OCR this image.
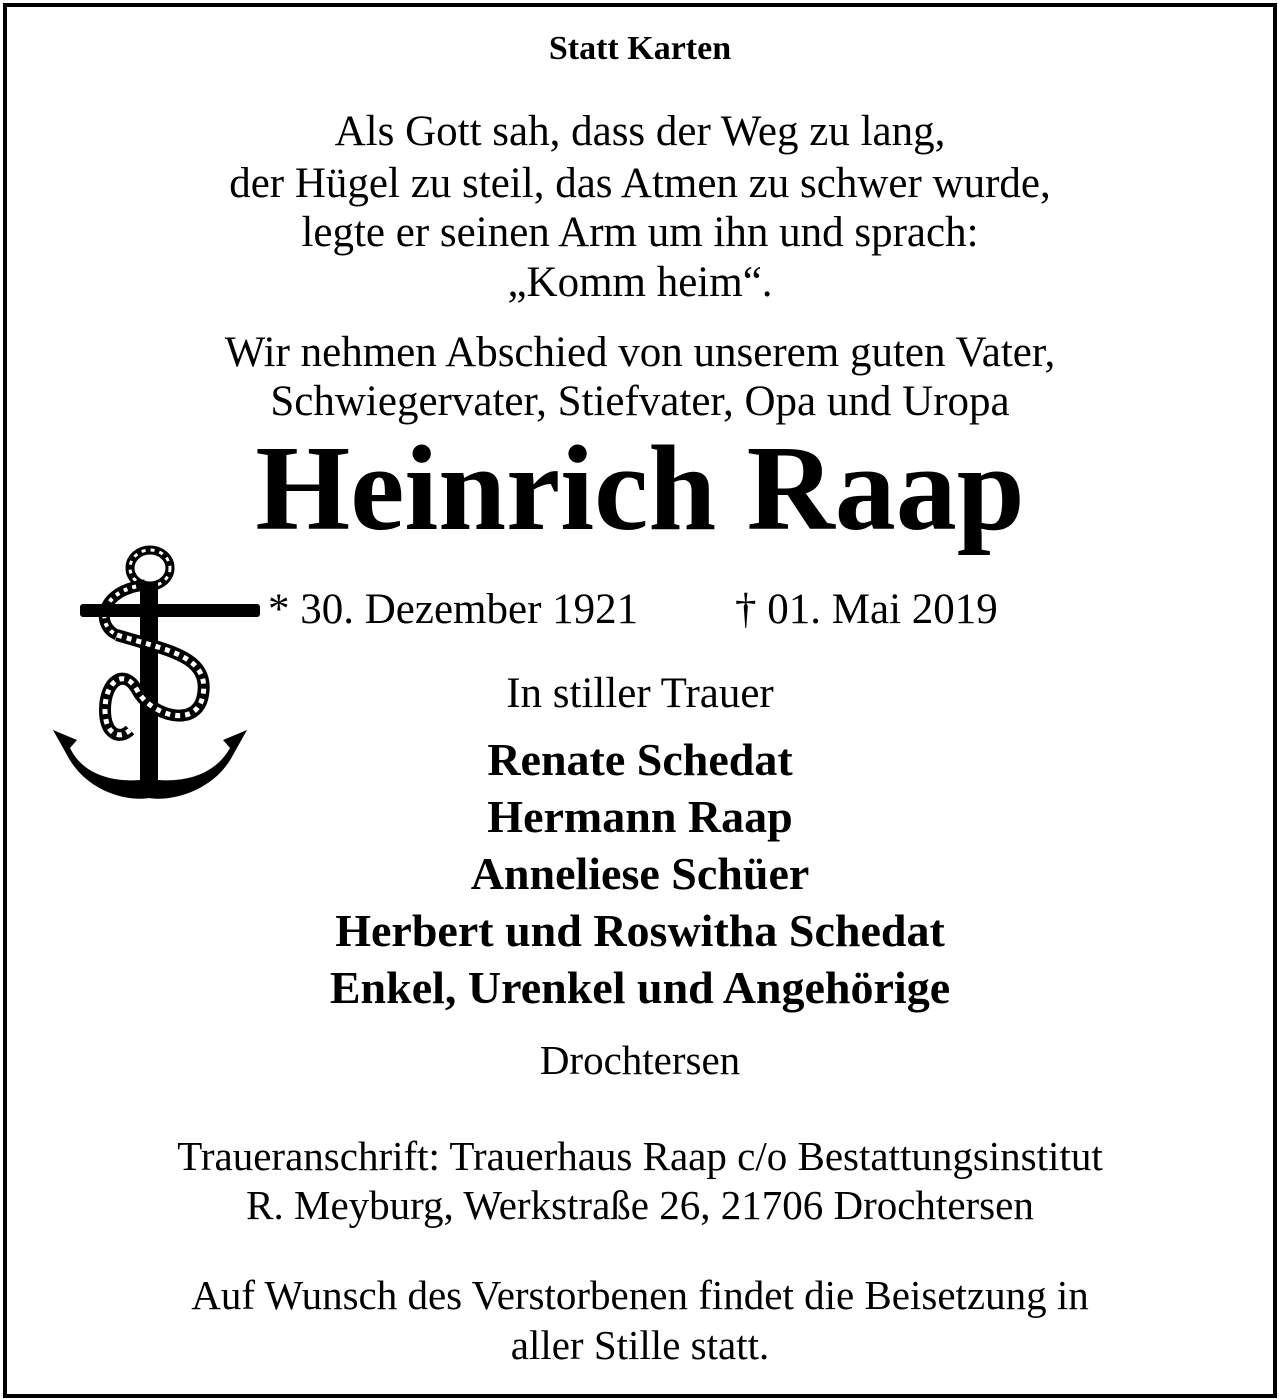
Statt Karten
Als Gott sah, dass der Weg zu lang,
der Hügel zu steil, das Atmen zu schwer wurde,
legte er seinen Arm um ihn und sprach:
„Komm heim“.
Wir nehmen Abschied von unserem guten Vater,
Schwiegervater, Stiefvater, Opa und Uropa
Heinrich Raap
* 30. Dezember 1921 † 01. Mai 2019
In stiller Trauer
Renate Schedat
Hermann Raap
Anneliese Schüer
Herbert und Roswitha Schedat
Enkel, Urenkel und Angehörige
Drochtersen
Traueranschrift: Trauerhaus Raap c/o Bestattungsinstitut
R. Meyburg, Werkstraße 26, 21706 Drochtersen
Auf Wunsch des Verstorbenen findet die Beisetzung in
aller Stille statt.
